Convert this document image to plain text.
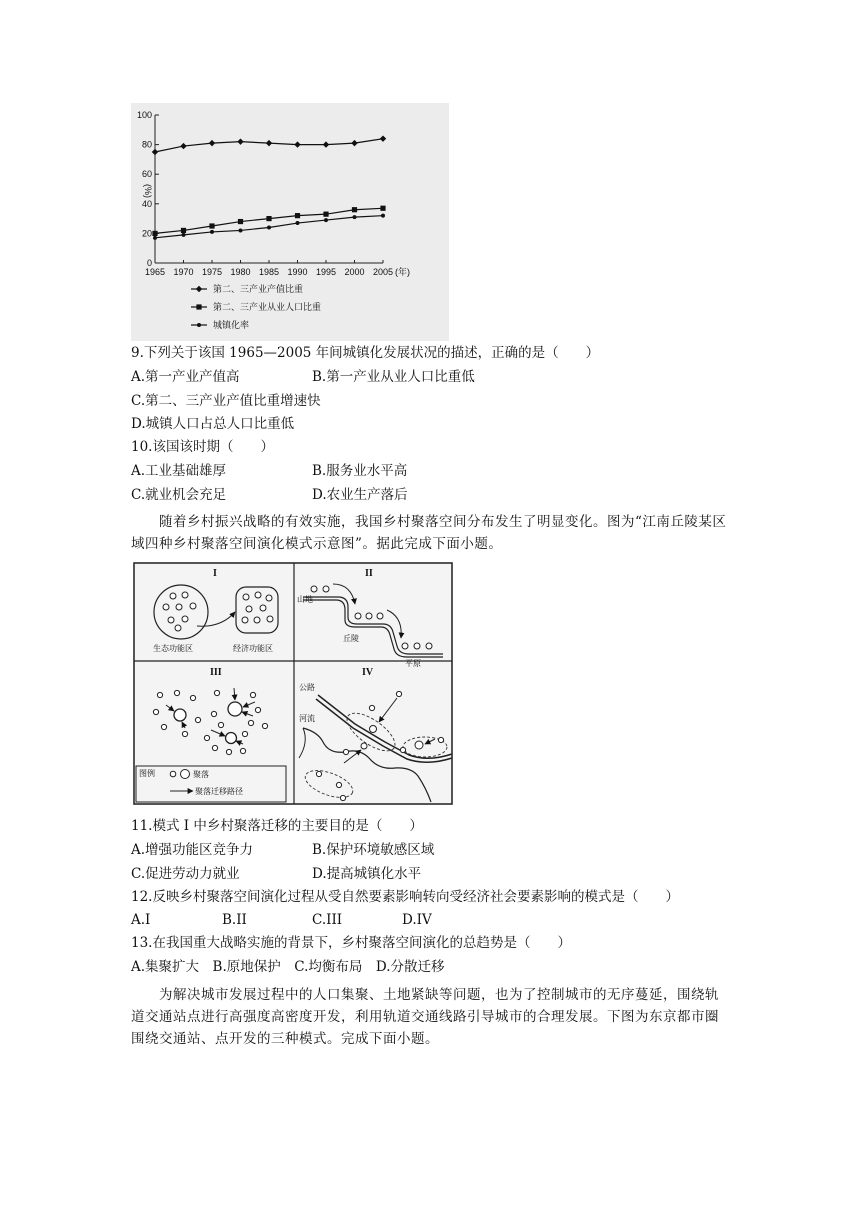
0
20
40
60
80
100
1965 1970 1975 1980 1985 1990 1995 2000 2005 (年)
(%)
第二、三产业产值比重
第二、三产业从业人口比重
城镇化率
9.下列关于该国 1965—2005 年间城镇化发展状况的描述，正确的是（　　）
A.第一产业产值高	B.第一产业从业人口比重低
C.第二、三产业产值比重增速快
D.城镇人口占总人口比重低
10.该国该时期（　　）
A.工业基础雄厚	B.服务业水平高
C.就业机会充足	D.农业生产落后
随着乡村振兴战略的有效实施，我国乡村聚落空间分布发生了明显变化。图为“江南丘陵某区域四种乡村聚落空间演化模式示意图”。据此完成下面小题。
I
生态功能区	经济功能区
II
山地
丘陵
平原
III
图例	聚落
聚落迁移路径
IV
公路
河流
11.模式 I 中乡村聚落迁移的主要目的是（　　）
A.增强功能区竞争力	B.保护环境敏感区域
C.促进劳动力就业	D.提高城镇化水平
12.反映乡村聚落空间演化过程从受自然要素影响转向受经济社会要素影响的模式是（　　）
A.I	B.II	C.III	D.IV
13.在我国重大战略实施的背景下，乡村聚落空间演化的总趋势是（　　）
A.集聚扩大　B.原地保护　C.均衡布局　D.分散迁移
为解决城市发展过程中的人口集聚、土地紧缺等问题，也为了控制城市的无序蔓延，围绕轨道交通站点进行高强度高密度开发，利用轨道交通线路引导城市的合理发展。下图为东京都市圈围绕交通站、点开发的三种模式。完成下面小题。
